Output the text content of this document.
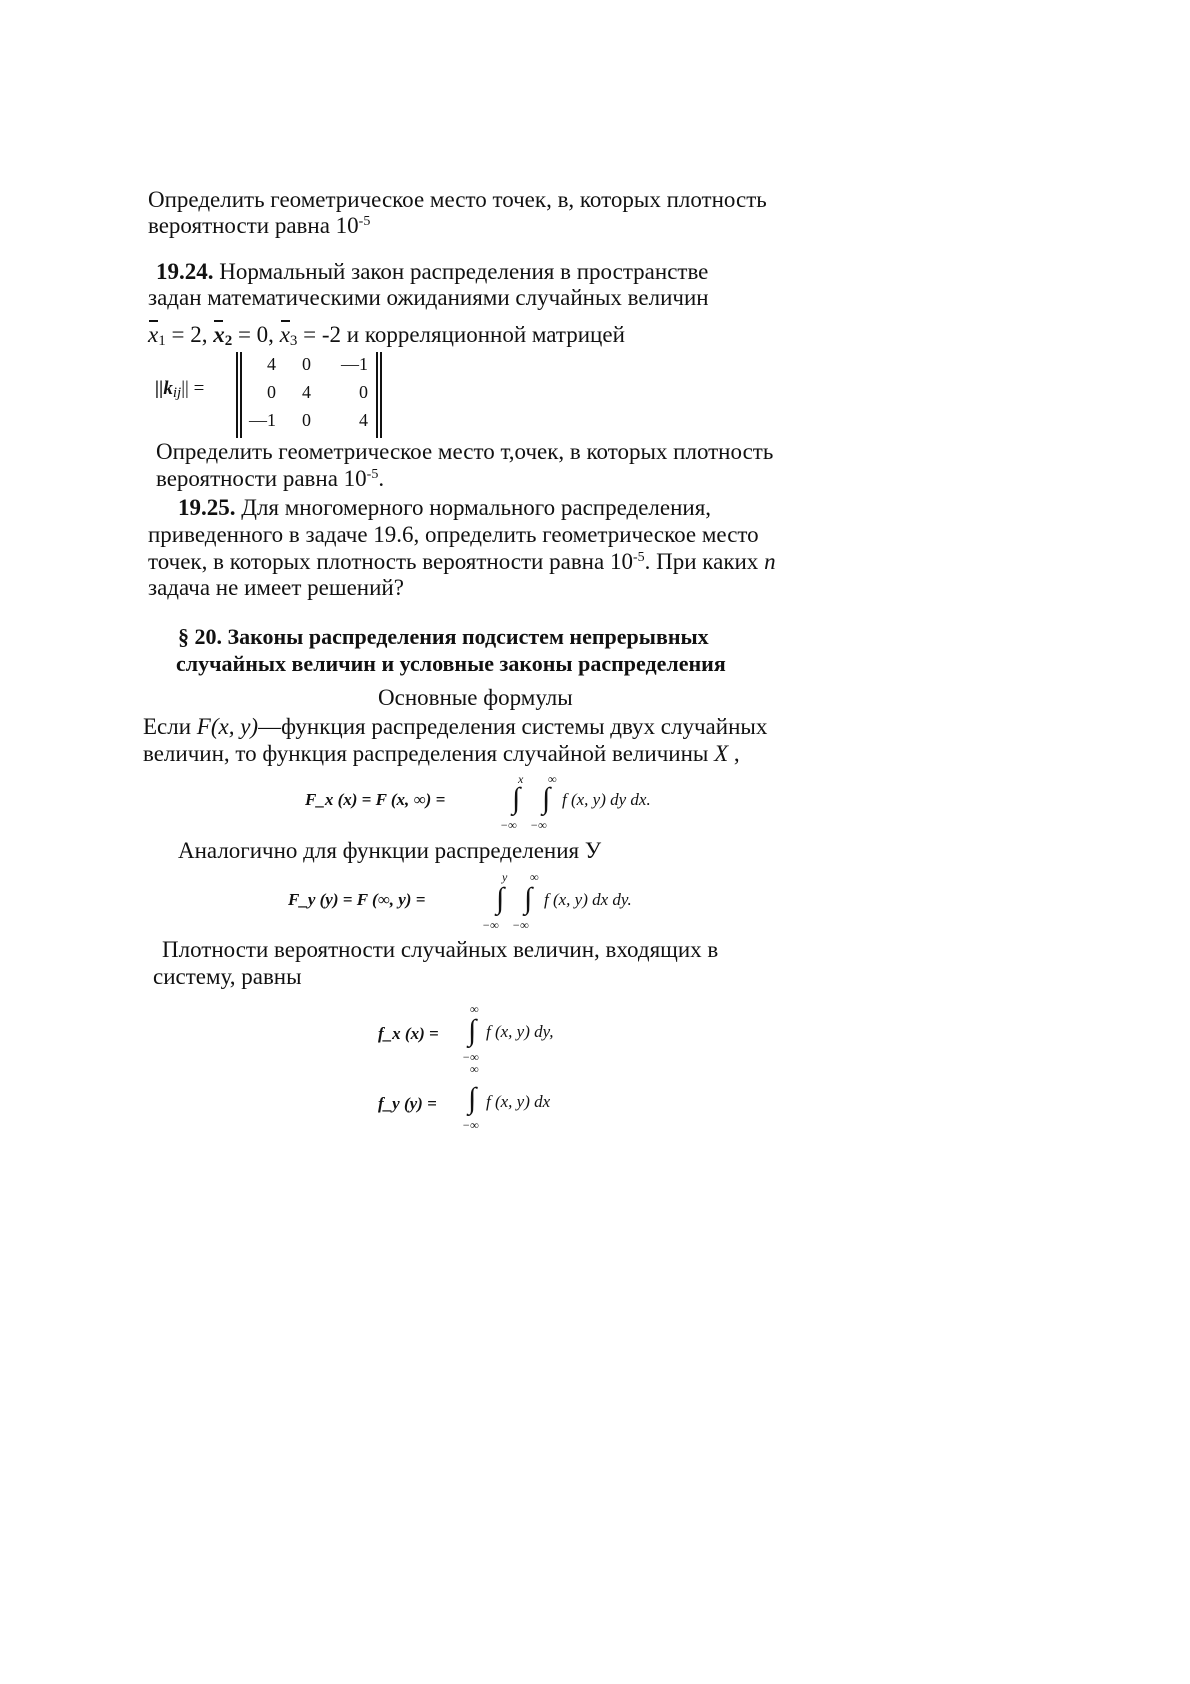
Определить геометрическое место точек, в, которых плотность
вероятности равна $10^{-5}$
19.24. Нормальный закон распределения в пространстве
задан математическими ожиданиями случайных величин
$x_1 = 2$, $x_2 = 0$, $x_3 = -2$ и корреляционной матрицей
$||k_{ij}||$ =
4	0 —1
0	4	0
—1	0	4
Определить геометрическое место т,очек, в которых плотность
вероятности равна $10^{-5}$.
19.25. Для многомерного нормального распределения,
приведенного в задаче 19.6, определить геометрическое место
точек, в которых плотность вероятности равна $10^{-5}$. При каких n
задача не имеет решений?
§ 20. Законы распределения подсистем непрерывных
случайных величин и условные законы распределения
Основные формулы
Если F(x, y)—функция распределения системы двух случайных
величин, то функция распределения случайной величины X ,
F_x (x) = F (x, ∞) =
x ∞
∫ ∫
−∞ −∞
f (x, y) dy dx.
Аналогично для функции распределения У
F_y (y) = F (∞, y) =
y ∞
∫ ∫
−∞ −∞
f (x, y) dx dy.
Плотности вероятности случайных величин, входящих в
систему, равны
f_x (x) =
∞
∫
−∞
f (x, y) dy,
f_y (y) =
∞
∫
−∞
f (x, y) dx
